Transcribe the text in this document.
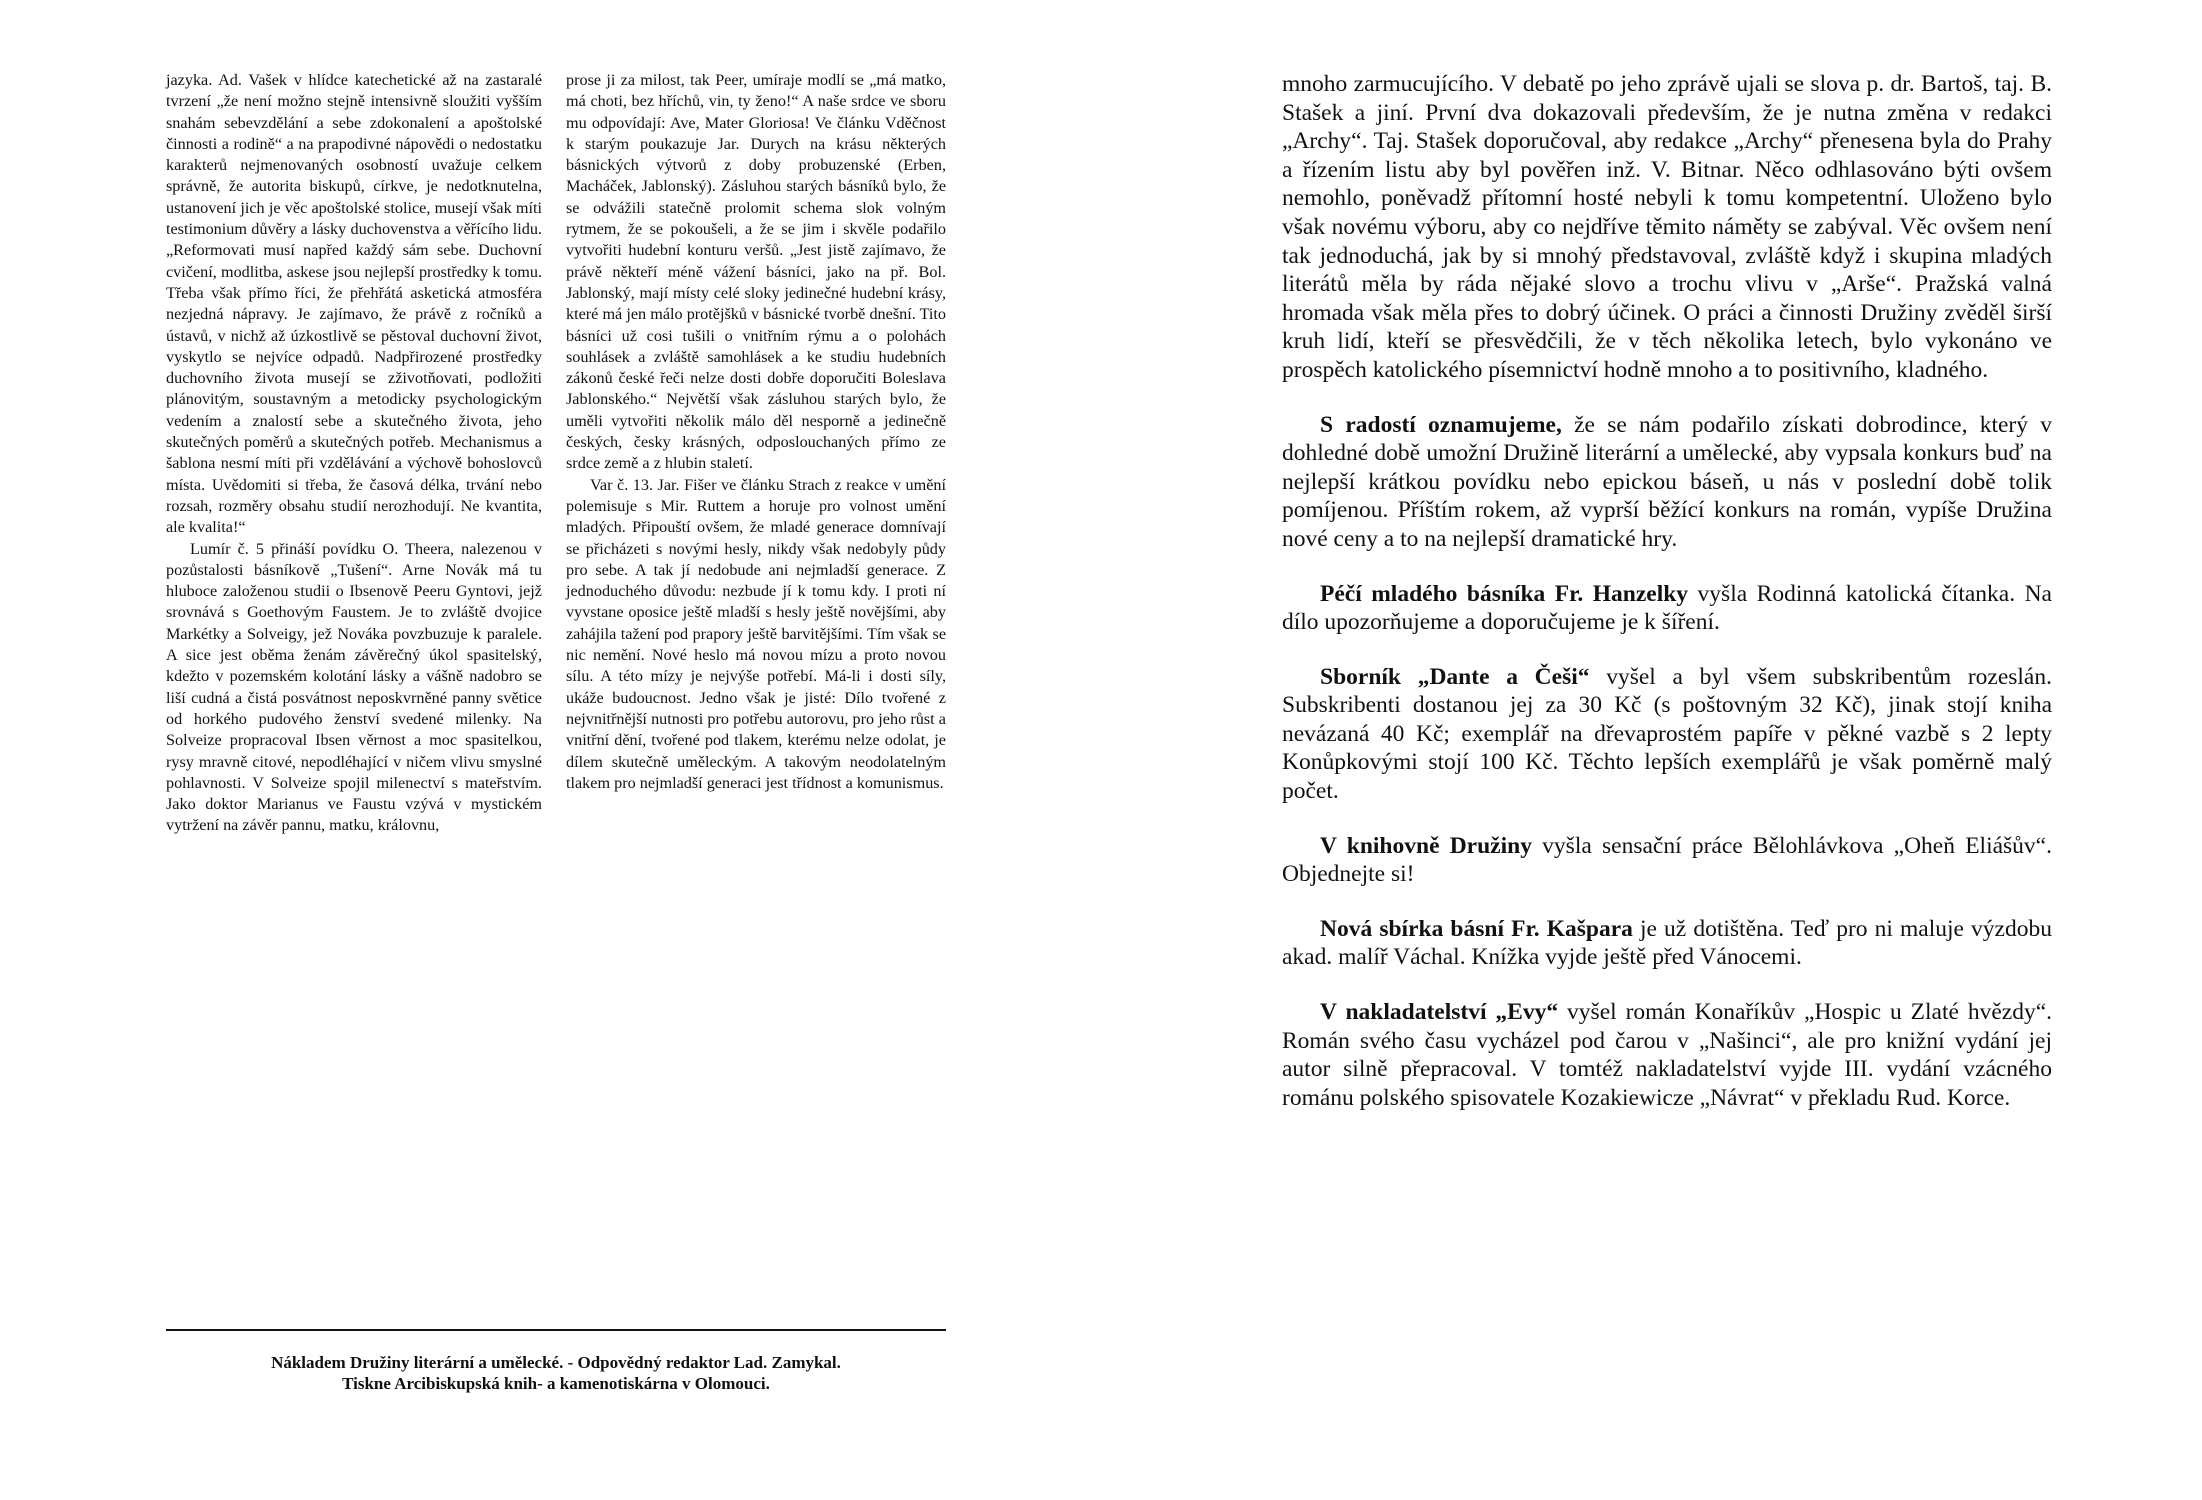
jazyka. Ad. Vašek v hlídce katechetické až na zastaralé tvrzení „že není možno stejně intensivně sloužiti vyšším snahám sebevzdělání a sebe zdokonalení a apoštolské činnosti a rodině“ a na prapodivné nápovědi o nedostatku karakterů nejmenovaných osobností uvažuje celkem správně, že autorita biskupů, církve, je nedotknutelna, ustanovení jich je věc apoštolské stolice, musejí však míti testimonium důvěry a lásky duchovenstva a věřícího lidu. „Reformovati musí napřed každý sám sebe. Duchovní cvičení, modlitba, askese jsou nejlepší prostředky k tomu. Třeba však přímo říci, že přehřátá asketická atmosféra nezjedná nápravy. Je zajímavo, že právě z ročníků a ústavů, v nichž až úzkostlivě se pěstoval duchovní život, vyskytlo se nejvíce odpadů. Nadpřirozené prostředky duchovního života musejí se zživotňovati, podložiti plánovitým, soustavným a metodicky psychologickým vedením a znalostí sebe a skutečného života, jeho skutečných poměrů a skutečných potřeb. Mechanismus a šablona nesmí míti při vzdělávání a výchově bohoslovců místa. Uvědomiti si třeba, že časová délka, trvání nebo rozsah, rozměry obsahu studií nerozhodují. Ne kvantita, ale kvalita!“

Lumír č. 5 přináší povídku O. Theera, nalezenou v pozůstalosti básníkově „Tušení“. Arne Novák má tu hluboce založenou studii o Ibsenově Peeru Gyntovi, jejž srovnává s Goethovým Faustem. Je to zvláště dvojice Markétky a Solveigy, jež Nováka povzbuzuje k paralele. A sice jest oběma ženám závěrečný úkol spasitelský, kdežto v pozemském kolotání lásky a vášně nadobro se liší cudná a čistá posvátnost neposkvrněné panny světice od horkého pudového ženství svedené milenky. Na Solveize propracoval Ibsen věrnost a moc spasitelkou, rysy mravně citové, nepodléhající v ničem vlivu smyslné pohlavnosti. V Solveize spojil milenectví s mateřstvím. Jako doktor Marianus ve Faustu vzývá v mystickém vytržení na závěr pannu, matku, královnu,

prose ji za milost, tak Peer, umíraje modlí se „má matko, má choti, bez hříchů, vin, ty ženo!“ A naše srdce ve sboru mu odpovídají: Ave, Mater Gloriosa! Ve článku Vděčnost k starým poukazuje Jar. Durych na krásu některých básnických výtvorů z doby probuzenské (Erben, Macháček, Jablonský). Zásluhou starých básníků bylo, že se odvážili statečně prolomit schema slok volným rytmem, že se pokoušeli, a že se jim i skvěle podařilo vytvořiti hudební konturu veršů. „Jest jistě zajímavo, že právě někteří méně vážení básníci, jako na př. Bol. Jablonský, mají místy celé sloky jedinečné hudební krásy, které má jen málo protějšků v básnické tvorbě dnešní. Tito básníci už cosi tušili o vnitřním rýmu a o polohách souhlásek a zvláště samohlásek a ke studiu hudebních zákonů české řeči nelze dosti dobře doporučiti Boleslava Jablonského.“ Největší však zásluhou starých bylo, že uměli vytvořiti několik málo děl nesporně a jedinečně českých, česky krásných, odposlouchaných přímo ze srdce země a z hlubin staletí.

Var č. 13. Jar. Fišer ve článku Strach z reakce v umění polemisuje s Mir. Ruttem a horuje pro volnost umění mladých. Připouští ovšem, že mladé generace domnívají se přicházeti s novými hesly, nikdy však nedobyly půdy pro sebe. A tak jí nedobude ani nejmladší generace. Z jednoduchého důvodu: nezbude jí k tomu kdy. I proti ní vyvstane oposice ještě mladší s hesly ještě novějšími, aby zahájila tažení pod prapory ještě barvitějšími. Tím však se nic nemění. Nové heslo má novou mízu a proto novou sílu. A této mízy je nejvýše potřebí. Má-li i dosti síly, ukáže budoucnost. Jedno však je jisté: Dílo tvořené z nejvnitřnější nutnosti pro potřebu autorovu, pro jeho růst a vnitřní dění, tvořené pod tlakem, kterému nelze odolat, je dílem skutečně uměleckým. A takovým neodolatelným tlakem pro nejmladší generaci jest třídnost a komunismus.

Nákladem Družiny literární a umělecké. - Odpovědný redaktor Lad. Zamykal.
Tiskne Arcibiskupská knih- a kamenotiskárna v Olomouci.

mnoho zarmucujícího. V debatě po jeho zprávě ujali se slova p. dr. Bartoš, taj. B. Stašek a jiní. První dva dokazovali především, že je nutna změna v redakci „Archy“. Taj. Stašek doporučoval, aby redakce „Archy“ přenesena byla do Prahy a řízením listu aby byl pověřen inž. V. Bitnar. Něco odhlasováno býti ovšem nemohlo, poněvadž přítomní hosté nebyli k tomu kompetentní. Uloženo bylo však novému výboru, aby co nejdříve těmito náměty se zabýval. Věc ovšem není tak jednoduchá, jak by si mnohý představoval, zvláště když i skupina mladých literátů měla by ráda nějaké slovo a trochu vlivu v „Arše“. Pražská valná hromada však měla přes to dobrý účinek. O práci a činnosti Družiny zvěděl širší kruh lidí, kteří se přesvědčili, že v těch několika letech, bylo vykonáno ve prospěch katolického písemnictví hodně mnoho a to positivního, kladného.

S radostí oznamujeme, že se nám podařilo získati dobrodince, který v dohledné době umožní Družině literární a umělecké, aby vypsala konkurs buď na nejlepší krátkou povídku nebo epickou báseň, u nás v poslední době tolik pomíjenou. Příštím rokem, až vyprší běžící konkurs na román, vypíše Družina nové ceny a to na nejlepší dramatické hry.

Péčí mladého básníka Fr. Hanzelky vyšla Rodinná katolická čítanka. Na dílo upozorňujeme a doporučujeme je k šíření.

Sborník „Dante a Češi“ vyšel a byl všem subskribentům rozeslán. Subskribenti dostanou jej za 30 Kč (s poštovným 32 Kč), jinak stojí kniha nevázaná 40 Kč; exemplář na dřevaprostém papíře v pěkné vazbě s 2 lepty Konůpkovými stojí 100 Kč. Těchto lepších exemplářů je však poměrně malý počet.

V knihovně Družiny vyšla sensační práce Bělohlávkova „Oheň Eliášův“. Objednejte si!

Nová sbírka básní Fr. Kašpara je už dotištěna. Teď pro ni maluje výzdobu akad. malíř Váchal. Knížka vyjde ještě před Vánocemi.

V nakladatelství „Evy“ vyšel román Konaříkův „Hospic u Zlaté hvězdy“. Román svého času vycházel pod čarou v „Našinci“, ale pro knižní vydání jej autor silně přepracoval. V tomtéž nakladatelství vyjde III. vydání vzácného románu polského spisovatele Kozakiewicze „Návrat“ v překladu Rud. Korce.
